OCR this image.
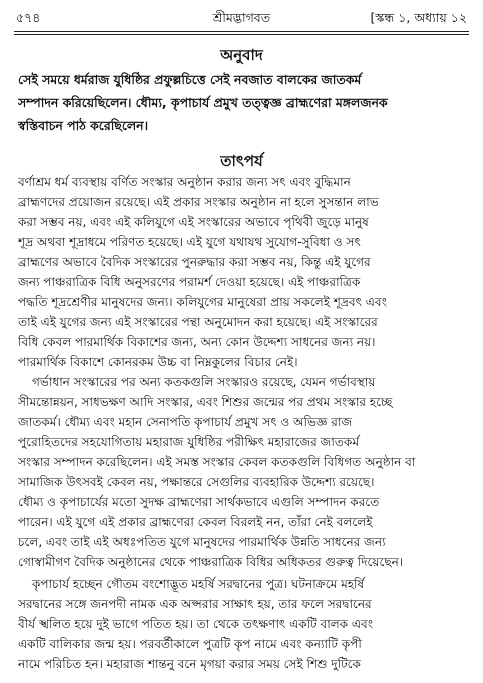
৫৭৪	শ্রীমদ্ভাগবত	[স্কন্ধ ১, অধ্যায় ১২
অনুবাদ
সেই সময়ে ধর্মরাজ যুধিষ্ঠির প্রফুল্লচিত্তে সেই নবজাত বালকের জাতকর্ম
সম্পাদন করিয়েছিলেন। ধৌম্য, কৃপাচার্য প্রমুখ তত্ত্বজ্ঞ ব্রাহ্মণেরা মঙ্গলজনক
স্বস্তিবাচন পাঠ করেছিলেন।
তাৎপর্য
বর্ণাশ্রম ধর্ম ব্যবস্থায় বর্ণিত সংস্কার অনুষ্ঠান করার জন্য সৎ এবং বুদ্ধিমান
ব্রাহ্মণদের প্রয়োজন রয়েছে। এই প্রকার সংস্কার অনুষ্ঠান না হলে সুসন্তান লাভ
করা সম্ভব নয়, এবং এই কলিযুগে এই সংস্কারের অভাবে পৃথিবী জুড়ে মানুষ
শূদ্র অথবা শূদ্রাধমে পরিণত হয়েছে। এই যুগে যথাযথ সুযোগ-সুবিধা ও সৎ
ব্রাহ্মণের অভাবে বৈদিক সংস্কারের পুনরুদ্ধার করা সম্ভব নয়, কিন্তু এই যুগের
জন্য পাঞ্চরাত্রিক বিধি অনুসরণের পরামর্শ দেওয়া হয়েছে। এই পাঞ্চরাত্রিক
পদ্ধতি শূদ্রশ্রেণীর মানুষদের জন্য। কলিযুগের মানুষেরা প্রায় সকলেই শূদ্রবৎ এবং
তাই এই যুগের জন্য এই সংস্কারের পন্থা অনুমোদন করা হয়েছে। এই সংস্কারের
বিধি কেবল পারমার্থিক বিকাশের জন্য, অন্য কোন উদ্দেশ্য সাধনের জন্য নয়।
পারমার্থিক বিকাশে কোনরকম উচ্চ বা নিম্নকুলের বিচার নেই।
গর্ভাধান সংস্কারের পর অন্য কতকগুলি সংস্কারও রয়েছে, যেমন গর্ভাবস্থায়
সীমন্তোন্নয়ন, সাধভক্ষণ আদি সংস্কার, এবং শিশুর জন্মের পর প্রথম সংস্কার হচ্ছে
জাতকর্ম। ধৌম্য এবং মহান সেনাপতি কৃপাচার্য প্রমুখ সৎ ও অভিজ্ঞ রাজ
পুরোহিতদের সহযোগিতায় মহারাজ যুধিষ্ঠির পরীক্ষিৎ মহারাজের জাতকর্ম
সংস্কার সম্পাদন করেছিলেন। এই সমস্ত সংস্কার কেবল কতকগুলি বিধিগত অনুষ্ঠান বা
সামাজিক উৎসবই কেবল নয়, পক্ষান্তরে সেগুলির ব্যবহারিক উদ্দেশ্য রয়েছে।
ধৌম্য ও কৃপাচার্যের মতো সুদক্ষ ব্রাহ্মণেরা সার্থকভাবে এগুলি সম্পাদন করতে
পারেন। এই যুগে এই প্রকার ব্রাহ্মণেরা কেবল বিরলই নন, তাঁরা নেই বললেই
চলে, এবং তাই এই অধঃপতিত যুগে মানুষদের পারমার্থিক উন্নতি সাধনের জন্য
গোস্বামীগণ বৈদিক অনুষ্ঠানের থেকে পাঞ্চরাত্রিক বিধির অধিকতর গুরুত্ব দিয়েছেন।
কৃপাচার্য হচ্ছেন গৌতম বংশোদ্ভূত মহর্ষি সরদ্বানের পুত্র। ঘটনাক্রমে মহর্ষি
সরদ্বানের সঙ্গে জনপদী নামক এক অপ্সরার সাক্ষাৎ হয়, তার ফলে সরদ্বানের
বীর্য স্খলিত হয়ে দুই ভাগে পতিত হয়। তা থেকে তৎক্ষণাৎ একটি বালক এবং
একটি বালিকার জন্ম হয়। পরবর্তীকালে পুত্রটি কৃপ নামে এবং কন্যাটি কৃপী
নামে পরিচিত হন। মহারাজ শান্তনু বনে মৃগয়া করার সময় সেই শিশু দুটিকে
